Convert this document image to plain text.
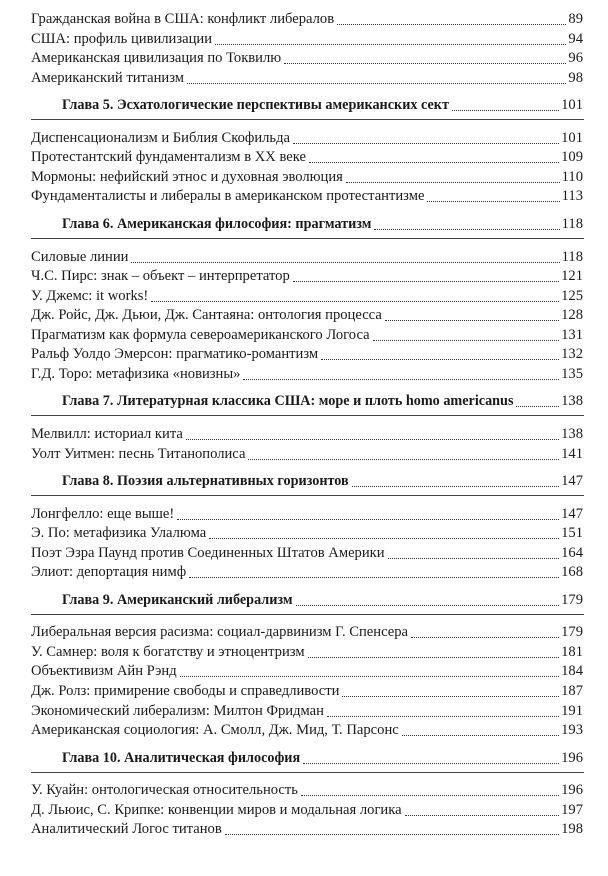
Гражданская война в США: конфликт либералов	89
США: профиль цивилизации	94
Американская цивилизация по Токвилю	96
Американский титанизм	98
Глава 5. Эсхатологические перспективы американских сект	101
Диспенсационализм и Библия Скофильда	101
Протестантский фундаментализм в XX веке	109
Мормоны: нефийский этнос и духовная эволюция	110
Фундаменталисты и либералы в американском протестантизме	113
Глава 6. Американская философия: прагматизм	118
Силовые линии	118
Ч.С. Пирс: знак – объект – интерпретатор	121
У. Джемс: it works!	125
Дж. Ройс, Дж. Дьюи, Дж. Сантаяна: онтология процесса	128
Прагматизм как формула североамериканского Логоса	131
Ральф Уолдо Эмерсон: прагматико-романтизм	132
Г.Д. Торо: метафизика «новизны»	135
Глава 7. Литературная классика США: море и плоть homo americanus	138
Мелвилл: историал кита	138
Уолт Уитмен: песнь Титанополиса	141
Глава 8. Поэзия альтернативных горизонтов	147
Лонгфелло: еще выше!	147
Э. По: метафизика Улалюма	151
Поэт Эзра Паунд против Соединенных Штатов Америки	164
Элиот: депортация нимф	168
Глава 9. Американский либерализм	179
Либеральная версия расизма: социал-дарвинизм Г. Спенсера	179
У. Самнер: воля к богатству и этноцентризм	181
Объективизм Айн Рэнд	184
Дж. Ролз: примирение свободы и справедливости	187
Экономический либерализм: Милтон Фридман	191
Американская социология: А. Смолл, Дж. Мид, Т. Парсонс	193
Глава 10. Аналитическая философия	196
У. Куайн: онтологическая относительность	196
Д. Льюис, С. Крипке: конвенции миров и модальная логика	197
Аналитический Логос титанов	198
